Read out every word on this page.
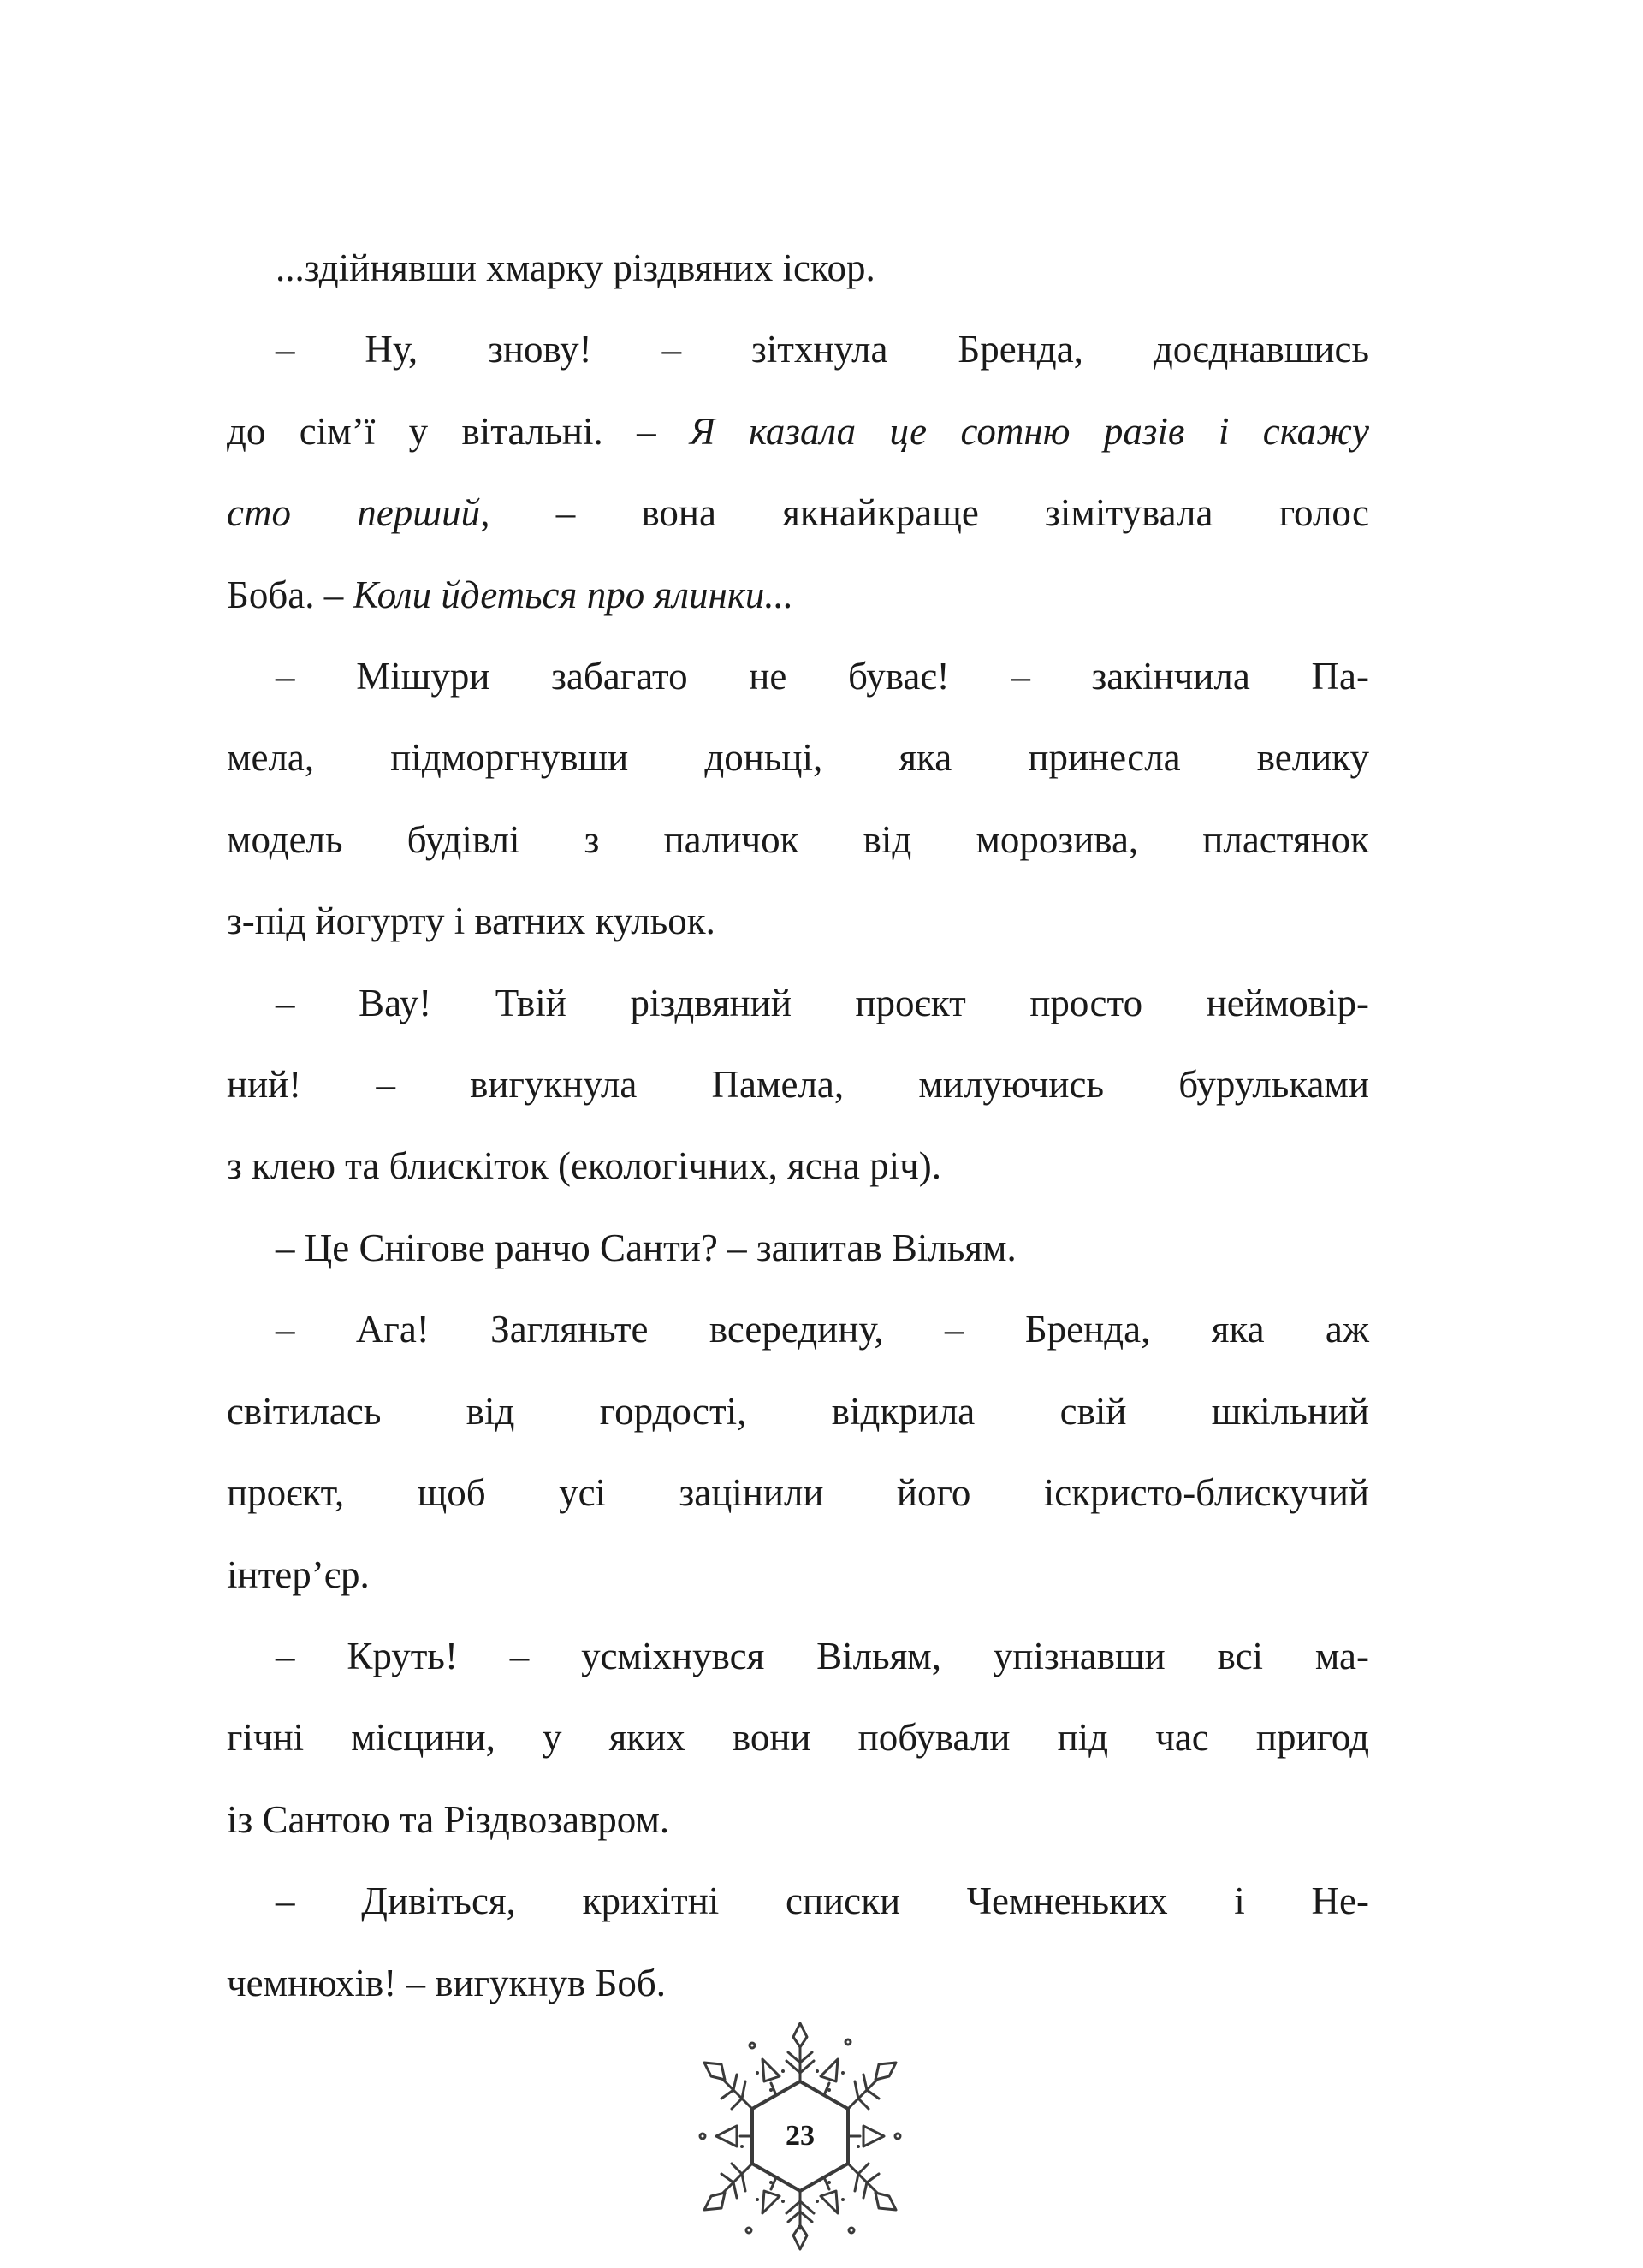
...здійнявши хмарку різдвяних іскор.
– Ну, знову! – зітхнула Бренда, доєднавшись
до сім’ї у вітальні. – Я казала це сотню разів і скажу
сто перший, – вона якнайкраще зімітувала голос
Боба. – Коли йдеться про ялинки...
– Мішури забагато не буває! – закінчила Па-
мела, підморгнувши доньці, яка принесла велику
модель будівлі з паличок від морозива, пластянок
з-під йогурту і ватних кульок.
– Вау! Твій різдвяний проєкт просто неймовір-
ний! – вигукнула Памела, милуючись бурульками
з клею та блискіток (екологічних, ясна річ).
– Це Снігове ранчо Санти? – запитав Вільям.
– Ага! Загляньте всередину, – Бренда, яка аж
світилась від гордості, відкрила свій шкільний
проєкт, щоб усі зацінили його іскристо-блискучий
інтер’єр.
– Круть! – усміхнувся Вільям, упізнавши всі ма-
гічні місцини, у яких вони побували під час пригод
із Сантою та Різдвозавром.
– Дивіться, крихітні списки Чемненьких і Не-
чемнюхів! – вигукнув Боб.
23
